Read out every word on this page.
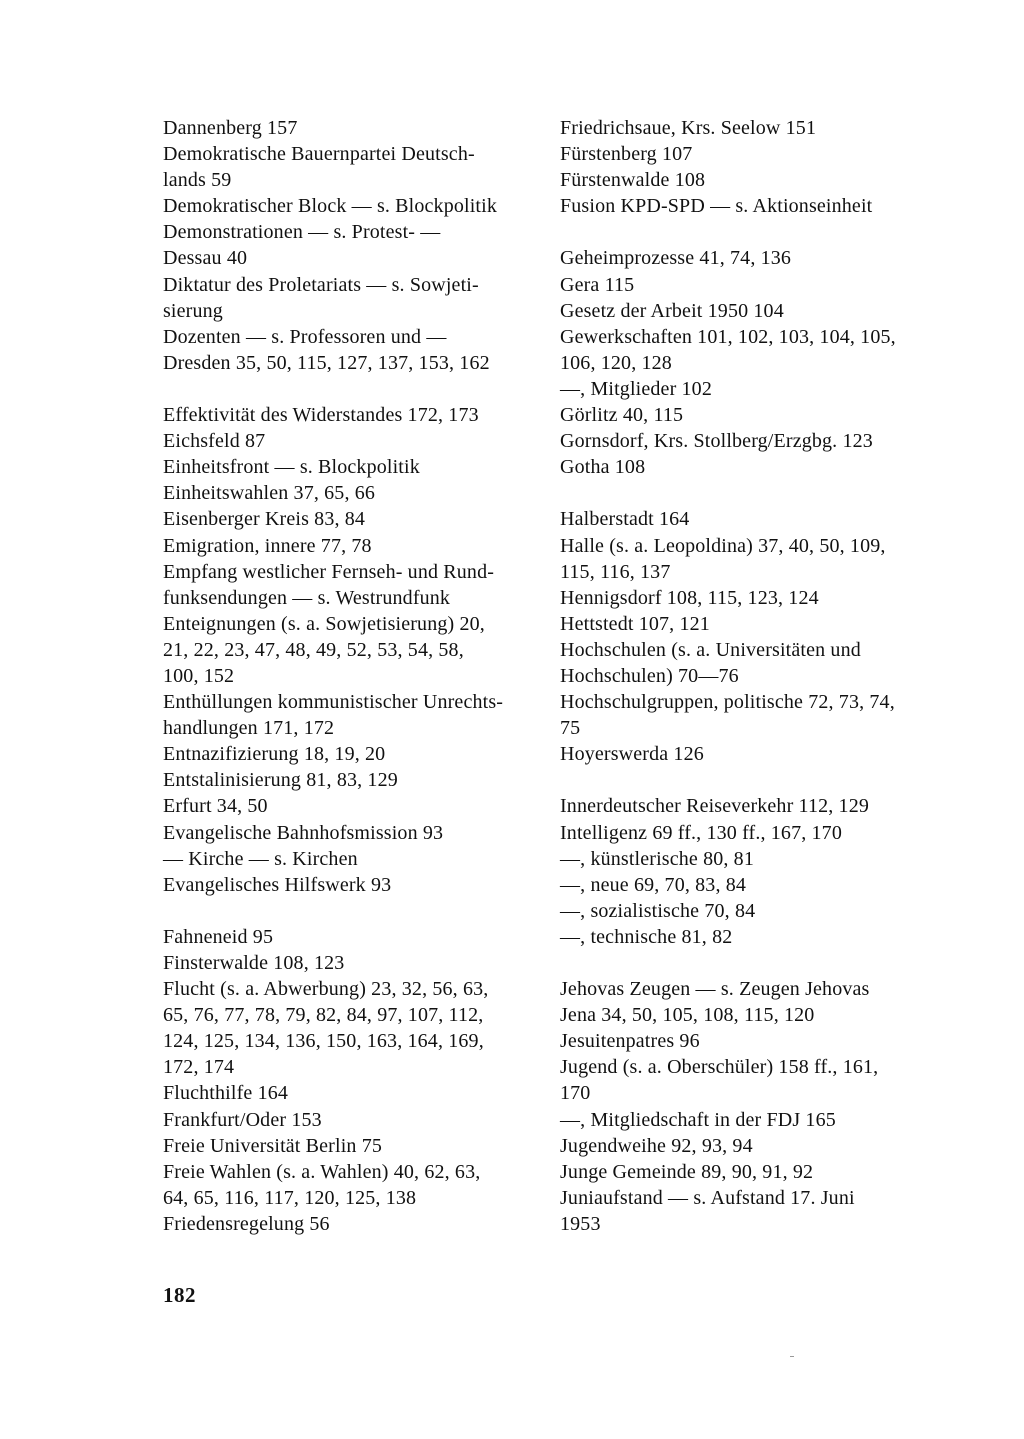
Dannenberg 157
Demokratische Bauernpartei Deutsch-
lands 59
Demokratischer Block — s. Blockpolitik
Demonstrationen — s. Protest- —
Dessau 40
Diktatur des Proletariats — s. Sowjeti-
sierung
Dozenten — s. Professoren und —
Dresden 35, 50, 115, 127, 137, 153, 162
Effektivität des Widerstandes 172, 173
Eichsfeld 87
Einheitsfront — s. Blockpolitik
Einheitswahlen 37, 65, 66
Eisenberger Kreis 83, 84
Emigration, innere 77, 78
Empfang westlicher Fernseh- und Rund-
funksendungen — s. Westrundfunk
Enteignungen (s. a. Sowjetisierung) 20,
21, 22, 23, 47, 48, 49, 52, 53, 54, 58,
100, 152
Enthüllungen kommunistischer Unrechts-
handlungen 171, 172
Entnazifizierung 18, 19, 20
Entstalinisierung 81, 83, 129
Erfurt 34, 50
Evangelische Bahnhofsmission 93
— Kirche — s. Kirchen
Evangelisches Hilfswerk 93
Fahneneid 95
Finsterwalde 108, 123
Flucht (s. a. Abwerbung) 23, 32, 56, 63,
65, 76, 77, 78, 79, 82, 84, 97, 107, 112,
124, 125, 134, 136, 150, 163, 164, 169,
172, 174
Fluchthilfe 164
Frankfurt/Oder 153
Freie Universität Berlin 75
Freie Wahlen (s. a. Wahlen) 40, 62, 63,
64, 65, 116, 117, 120, 125, 138
Friedensregelung 56
Friedrichsaue, Krs. Seelow 151
Fürstenberg 107
Fürstenwalde 108
Fusion KPD-SPD — s. Aktionseinheit
Geheimprozesse 41, 74, 136
Gera 115
Gesetz der Arbeit 1950 104
Gewerkschaften 101, 102, 103, 104, 105,
106, 120, 128
—, Mitglieder 102
Görlitz 40, 115
Gornsdorf, Krs. Stollberg/Erzgbg. 123
Gotha 108
Halberstadt 164
Halle (s. a. Leopoldina) 37, 40, 50, 109,
115, 116, 137
Hennigsdorf 108, 115, 123, 124
Hettstedt 107, 121
Hochschulen (s. a. Universitäten und
Hochschulen) 70—76
Hochschulgruppen, politische 72, 73, 74,
75
Hoyerswerda 126
Innerdeutscher Reiseverkehr 112, 129
Intelligenz 69 ff., 130 ff., 167, 170
—, künstlerische 80, 81
—, neue 69, 70, 83, 84
—, sozialistische 70, 84
—, technische 81, 82
Jehovas Zeugen — s. Zeugen Jehovas
Jena 34, 50, 105, 108, 115, 120
Jesuitenpatres 96
Jugend (s. a. Oberschüler) 158 ff., 161,
170
—, Mitgliedschaft in der FDJ 165
Jugendweihe 92, 93, 94
Junge Gemeinde 89, 90, 91, 92
Juniaufstand — s. Aufstand 17. Juni
1953
182
